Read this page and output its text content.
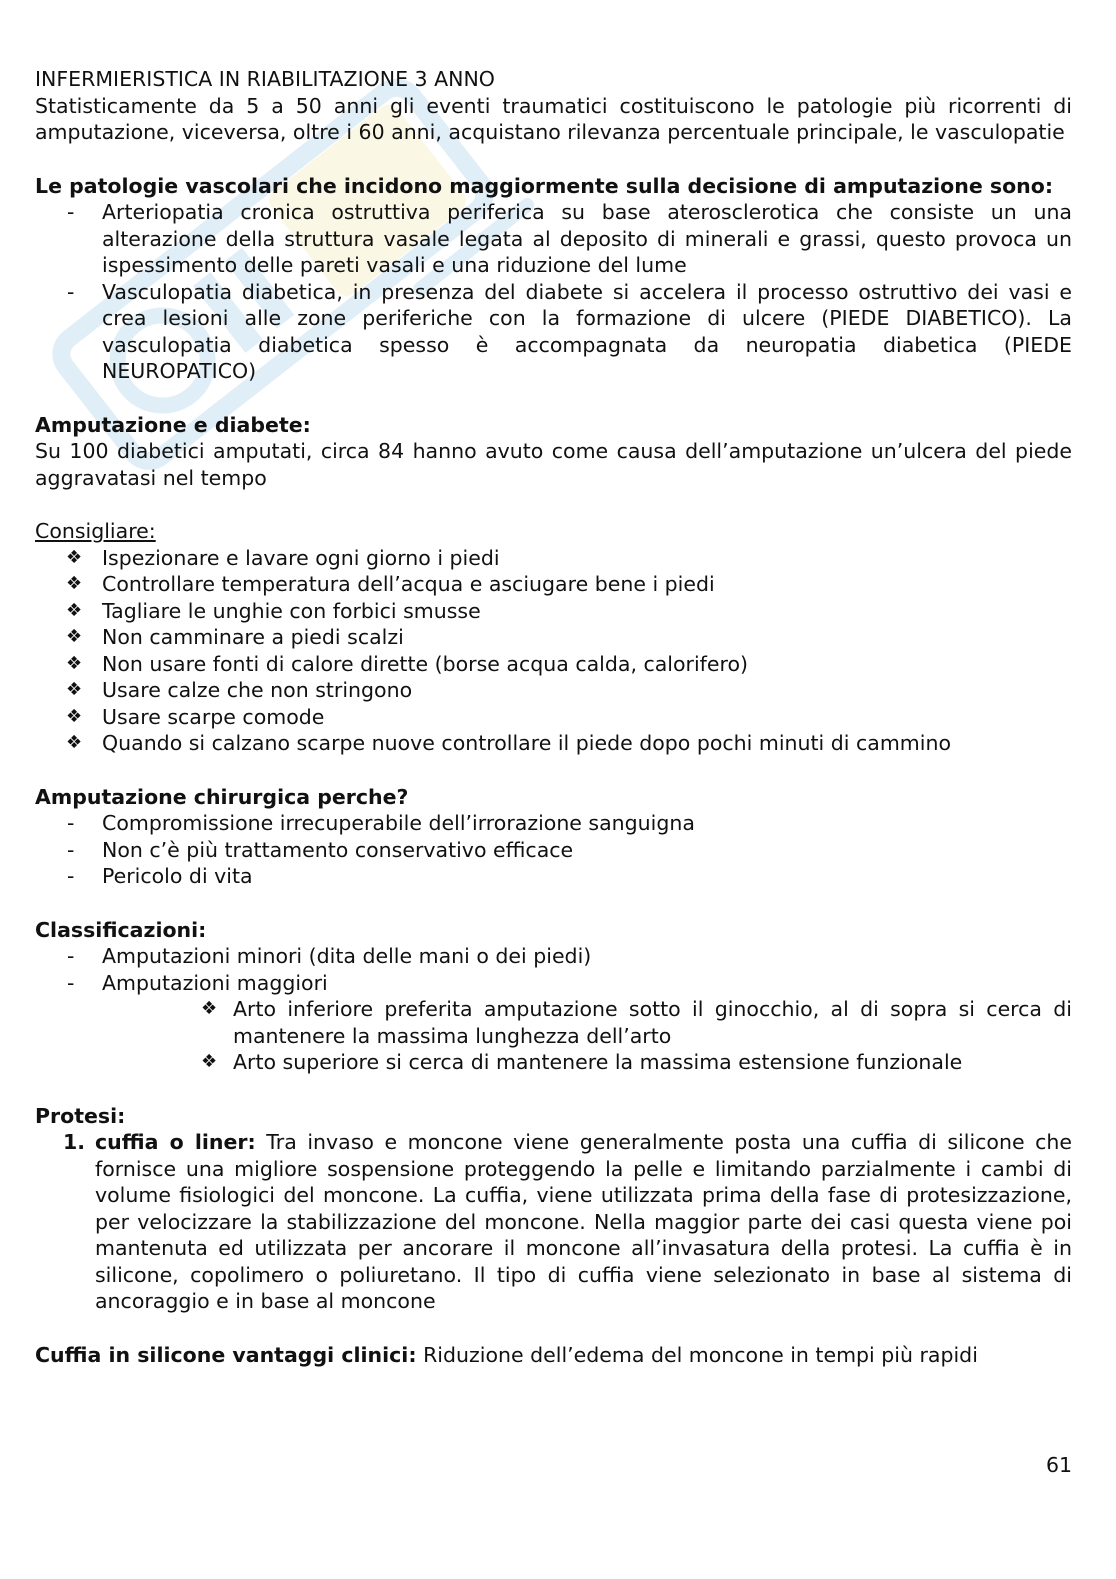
INFERMIERISTICA IN RIABILITAZIONE 3 ANNO

Statisticamente da 5 a 50 anni gli eventi traumatici costituiscono le patologie più ricorrenti di amputazione, viceversa, oltre i 60 anni, acquistano rilevanza percentuale principale, le vasculopatie

Le patologie vascolari che incidono maggiormente sulla decisione di amputazione sono:

- Arteriopatia cronica ostruttiva periferica su base aterosclerotica che consiste un una alterazione della struttura vasale legata al deposito di minerali e grassi, questo provoca un ispessimento delle pareti vasali e una riduzione del lume
- Vasculopatia diabetica, in presenza del diabete si accelera il processo ostruttivo dei vasi e crea lesioni alle zone periferiche con la formazione di ulcere (PIEDE DIABETICO). La vasculopatia diabetica spesso è accompagnata da neuropatia diabetica (PIEDE NEUROPATICO)

Amputazione e diabete:

Su 100 diabetici amputati, circa 84 hanno avuto come causa dell’amputazione un’ulcera del piede aggravatasi nel tempo

Consigliare:

❖ Ispezionare e lavare ogni giorno i piedi
❖ Controllare temperatura dell’acqua e asciugare bene i piedi
❖ Tagliare le unghie con forbici smusse
❖ Non camminare a piedi scalzi
❖ Non usare fonti di calore dirette (borse acqua calda, calorifero)
❖ Usare calze che non stringono
❖ Usare scarpe comode
❖ Quando si calzano scarpe nuove controllare il piede dopo pochi minuti di cammino

Amputazione chirurgica perche?

- Compromissione irrecuperabile dell’irrorazione sanguigna
- Non c’è più trattamento conservativo efficace
- Pericolo di vita

Classificazioni:

- Amputazioni minori (dita delle mani o dei piedi)
- Amputazioni maggiori
❖ Arto inferiore preferita amputazione sotto il ginocchio, al di sopra si cerca di mantenere la massima lunghezza dell’arto
❖ Arto superiore si cerca di mantenere la massima estensione funzionale

Protesi:

1. cuffia o liner: Tra invaso e moncone viene generalmente posta una cuffia di silicone che fornisce una migliore sospensione proteggendo la pelle e limitando parzialmente i cambi di volume fisiologici del moncone. La cuffia, viene utilizzata prima della fase di protesizzazione, per velocizzare la stabilizzazione del moncone. Nella maggior parte dei casi questa viene poi mantenuta ed utilizzata per ancorare il moncone all’invasatura della protesi. La cuffia è in silicone, copolimero o poliuretano. Il tipo di cuffia viene selezionato in base al sistema di ancoraggio e in base al moncone

Cuffia in silicone vantaggi clinici: Riduzione dell’edema del moncone in tempi più rapidi

61
